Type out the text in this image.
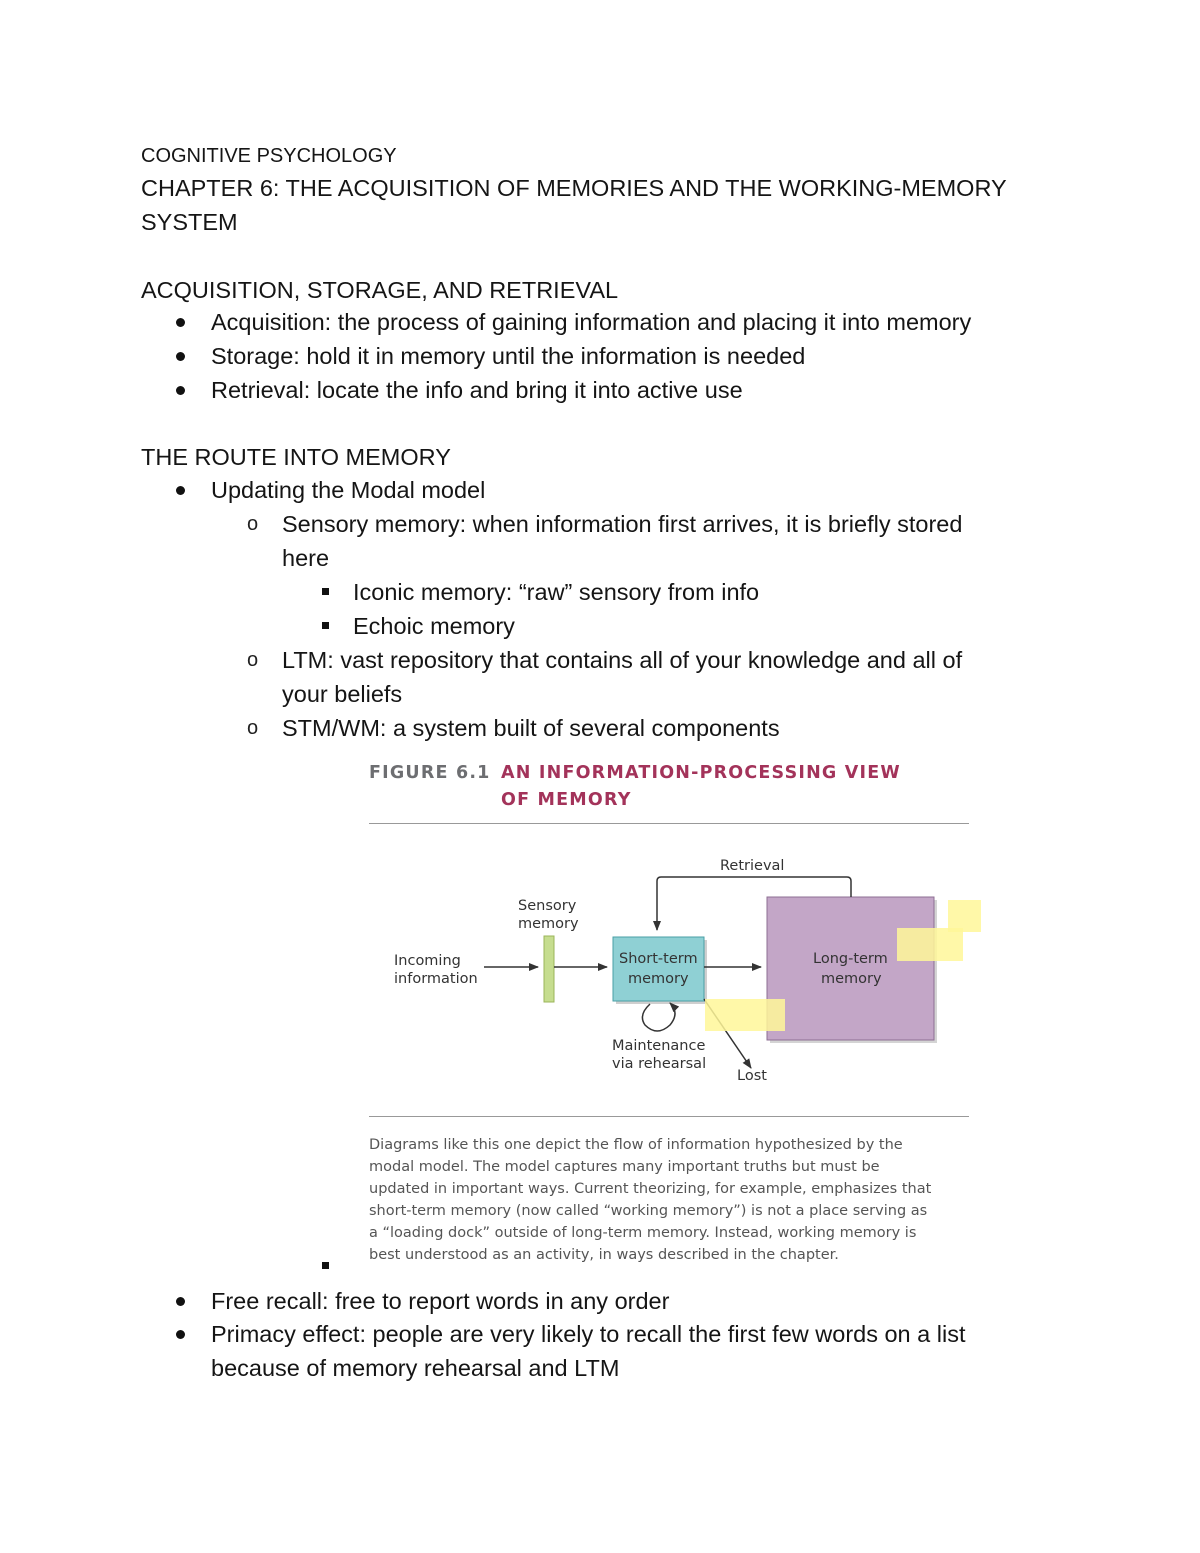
COGNITIVE PSYCHOLOGY
CHAPTER 6: THE ACQUISITION OF MEMORIES AND THE WORKING-MEMORY
SYSTEM
ACQUISITION, STORAGE, AND RETRIEVAL
Acquisition: the process of gaining information and placing it into memory
Storage: hold it in memory until the information is needed
Retrieval: locate the info and bring it into active use
THE ROUTE INTO MEMORY
Updating the Modal model
o Sensory memory: when information first arrives, it is briefly stored
here
Iconic memory: “raw” sensory from info
Echoic memory
o LTM: vast repository that contains all of your knowledge and all of
your beliefs
o STM/WM: a system built of several components
FIGURE 6.1 AN INFORMATION-PROCESSING VIEW
OF MEMORY
Retrieval
Sensory
memory
Incoming
information
Short-term
memory
Long-term
memory
Maintenance
via rehearsal
Lost
Diagrams like this one depict the flow of information hypothesized by the
modal model. The model captures many important truths but must be
updated in important ways. Current theorizing, for example, emphasizes that
short-term memory (now called “working memory”) is not a place serving as
a “loading dock” outside of long-term memory. Instead, working memory is
best understood as an activity, in ways described in the chapter.
Free recall: free to report words in any order
Primacy effect: people are very likely to recall the first few words on a list
because of memory rehearsal and LTM
